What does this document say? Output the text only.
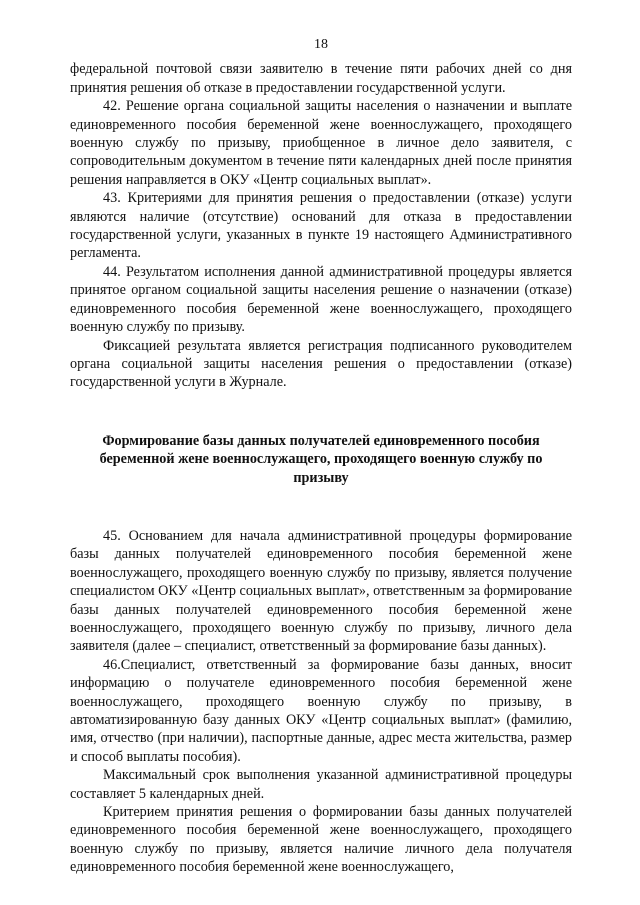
18

федеральной почтовой связи заявителю в течение пяти рабочих дней со дня принятия решения об отказе в предоставлении государственной услуги.

42. Решение органа социальной защиты населения о назначении и выплате единовременного пособия беременной жене военнослужащего, проходящего военную службу по призыву, приобщенное в личное дело заявителя, с сопроводительным документом в течение пяти календарных дней после принятия решения направляется в ОКУ «Центр социальных выплат».

43. Критериями для принятия решения о предоставлении (отказе) услуги являются наличие (отсутствие) оснований для отказа в предоставлении государственной услуги, указанных в пункте 19 настоящего Административного регламента.

44. Результатом исполнения данной административной процедуры является принятое органом социальной защиты населения решение о назначении (отказе) единовременного пособия беременной жене военнослужащего, проходящего военную службу по призыву.

Фиксацией результата является регистрация подписанного руководителем органа социальной защиты населения решения о предоставлении (отказе) государственной услуги в Журнале.

Формирование базы данных получателей единовременного пособия беременной жене военнослужащего, проходящего военную службу по призыву

45. Основанием для начала административной процедуры формирование базы данных получателей единовременного пособия беременной жене военнослужащего, проходящего военную службу по призыву, является получение специалистом ОКУ «Центр социальных выплат», ответственным за формирование базы данных получателей единовременного пособия беременной жене военнослужащего, проходящего военную службу по призыву, личного дела заявителя (далее – специалист, ответственный за формирование базы данных).

46.Специалист, ответственный за формирование базы данных, вносит информацию о получателе единовременного пособия беременной жене военнослужащего, проходящего военную службу по призыву, в автоматизированную базу данных ОКУ «Центр социальных выплат» (фамилию, имя, отчество (при наличии), паспортные данные, адрес места жительства, размер и способ выплаты пособия).

Максимальный срок выполнения указанной административной процедуры составляет 5 календарных дней.

Критерием принятия решения о формировании базы данных получателей единовременного пособия беременной жене военнослужащего, проходящего военную службу по призыву, является наличие личного дела получателя единовременного пособия беременной жене военнослужащего,
